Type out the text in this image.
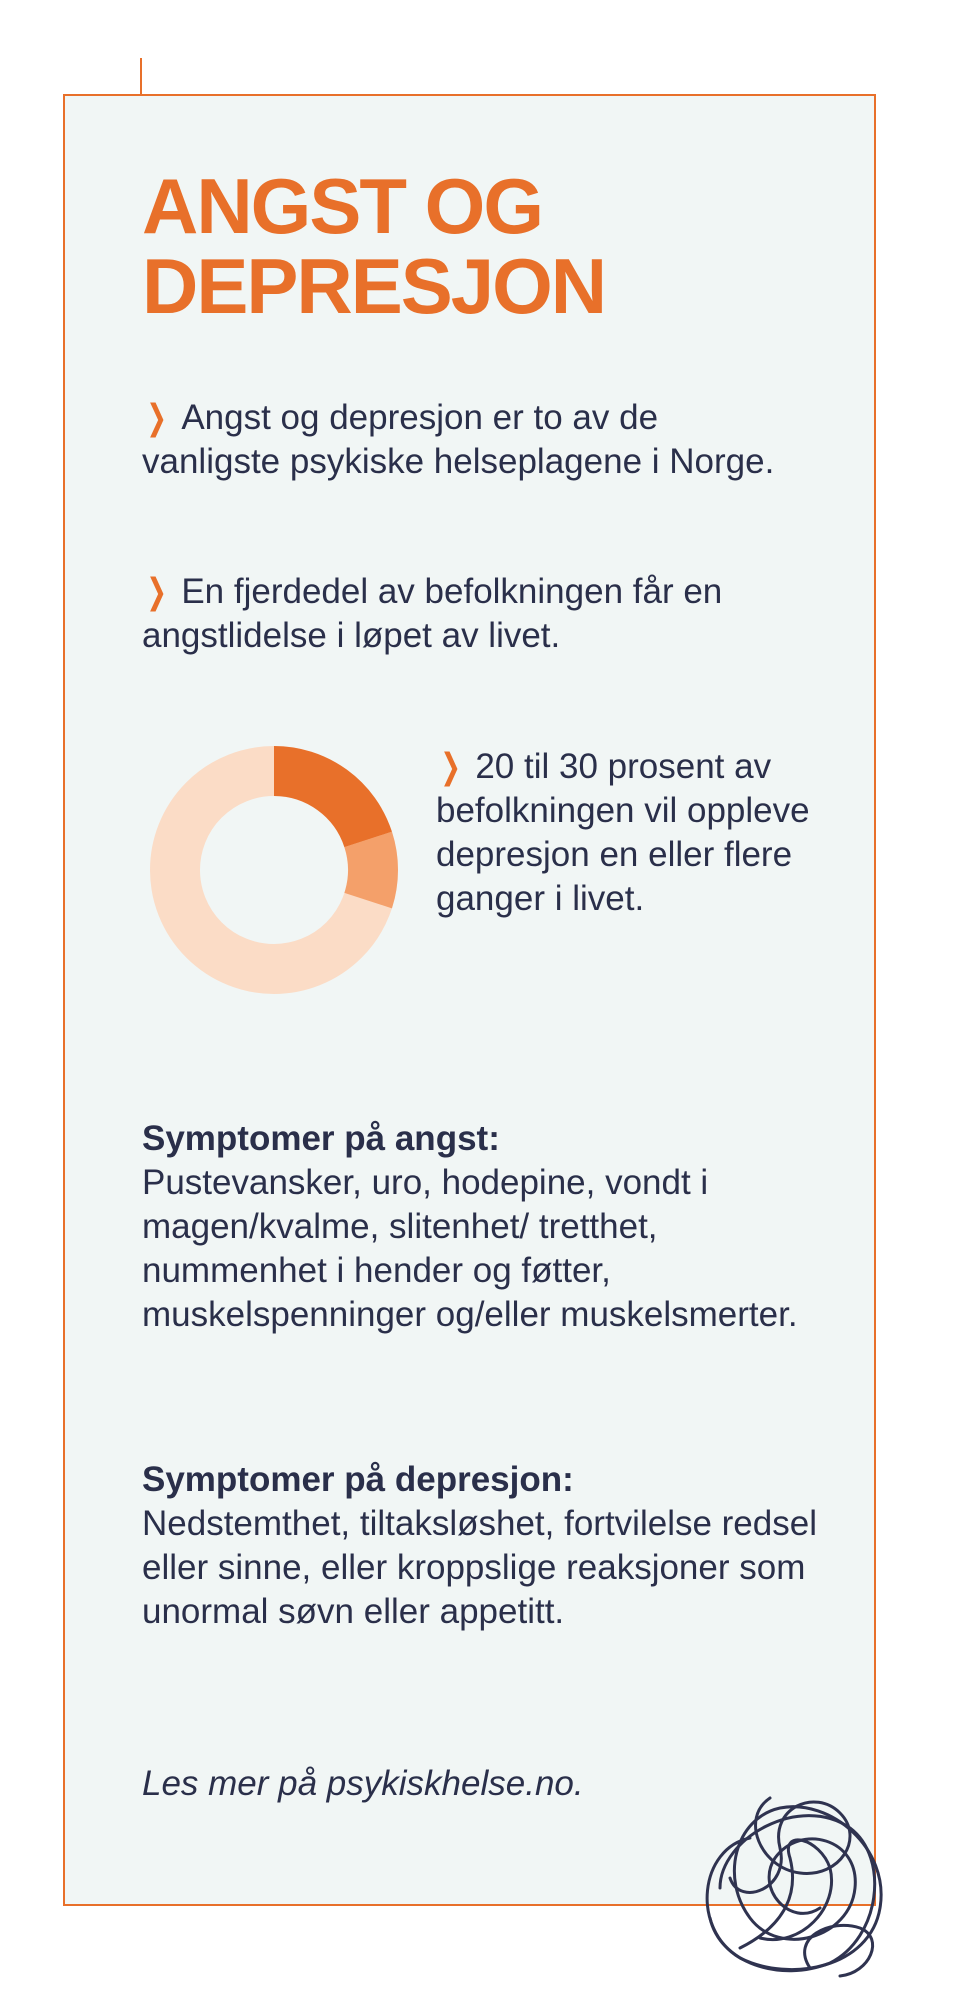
ANGST OG
DEPRESJON

❯ Angst og depresjon er to av de vanligste psykiske helseplagene i Norge.

❯ En fjerdedel av befolkningen får en angstlidelse i løpet av livet.

❯ 20 til 30 prosent av befolkningen vil oppleve depresjon en eller flere ganger i livet.

Symptomer på angst:
Pustevansker, uro, hodepine, vondt i magen/kvalme, slitenhet/ tretthet, nummenhet i hender og føtter, muskelspenninger og/eller muskelsmerter.

Symptomer på depresjon:
Nedstemthet, tiltaksløshet, fortvilelse redsel eller sinne, eller kroppslige reaksjoner som unormal søvn eller appetitt.

Les mer på psykiskhelse.no.
